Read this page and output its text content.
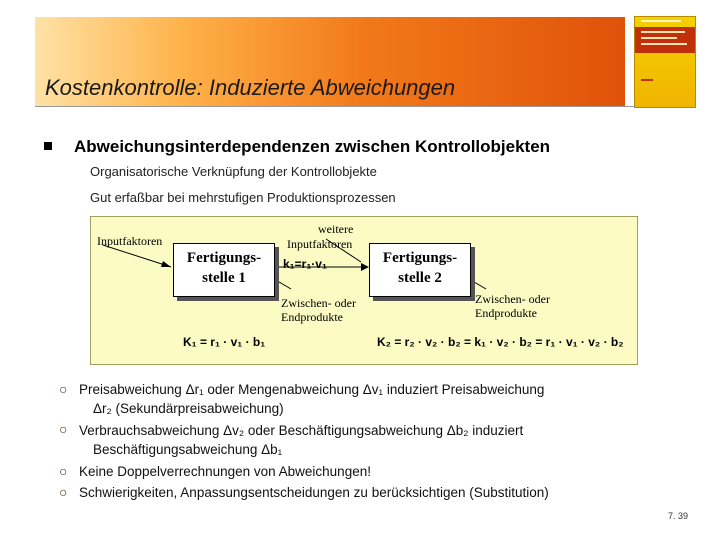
Kostenkontrolle: Induzierte Abweichungen
Abweichungsinterdependenzen zwischen Kontrollobjekten
Organisatorische Verknüpfung der Kontrollobjekte
Gut erfaßbar bei mehrstufigen Produktionsprozessen
Inputfaktoren
weitere
Inputfaktoren
Fertigungs-
stelle 1
k₁=r₁·v₁	Fertigungs-
stelle 2
Zwischen- oder
Endprodukte
Zwischen- oder
Endprodukte
K₁ = r₁ · v₁ · b₁	K₂ = r₂ · v₂ · b₂ = k₁ · v₂ · b₂ = r₁ · v₁ · v₂ · b₂
○ Preisabweichung Δr₁ oder Mengenabweichung Δv₁ induziert Preisabweichung
Δr₂ (Sekundärpreisabweichung)
○ Verbrauchsabweichung Δv₂ oder Beschäftigungsabweichung Δb₂ induziert
Beschäftigungsabweichung Δb₁
○ Keine Doppelverrechnungen von Abweichungen!
○ Schwierigkeiten, Anpassungsentscheidungen zu berücksichtigen (Substitution)
7. 39
